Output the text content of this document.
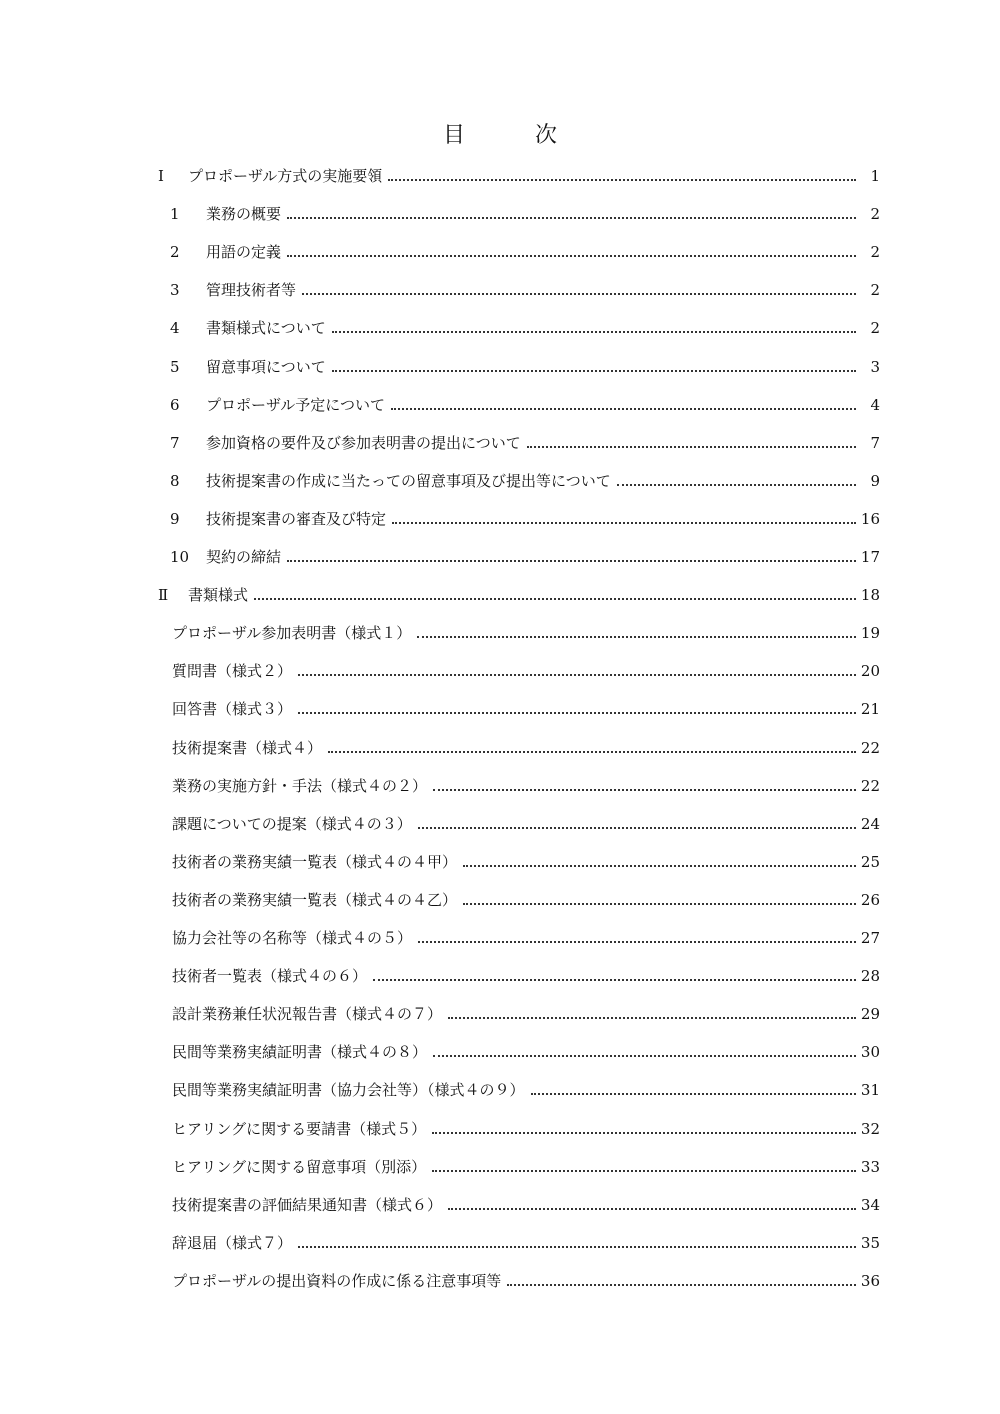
目	次
Ⅰ	プロポーザル方式の実施要領	1
1	業務の概要	2
2	用語の定義	2
3	管理技術者等	2
4	書類様式について	2
5	留意事項について	3
6	プロポーザル予定について	4
7	参加資格の要件及び参加表明書の提出について	7
8	技術提案書の作成に当たっての留意事項及び提出等について	9
9	技術提案書の審査及び特定	16
10	契約の締結	17
Ⅱ	書類様式	18
プロポーザル参加表明書（様式１）	19
質問書（様式２）	20
回答書（様式３）	21
技術提案書（様式４）	22
業務の実施方針・手法（様式４の２）	22
課題についての提案（様式４の３）	24
技術者の業務実績一覧表（様式４の４甲）	25
技術者の業務実績一覧表（様式４の４乙）	26
協力会社等の名称等（様式４の５）	27
技術者一覧表（様式４の６）	28
設計業務兼任状況報告書（様式４の７）	29
民間等業務実績証明書（様式４の８）	30
民間等業務実績証明書（協力会社等）（様式４の９）	31
ヒアリングに関する要請書（様式５）	32
ヒアリングに関する留意事項（別添）	33
技術提案書の評価結果通知書（様式６）	34
辞退届（様式７）	35
プロポーザルの提出資料の作成に係る注意事項等	36
